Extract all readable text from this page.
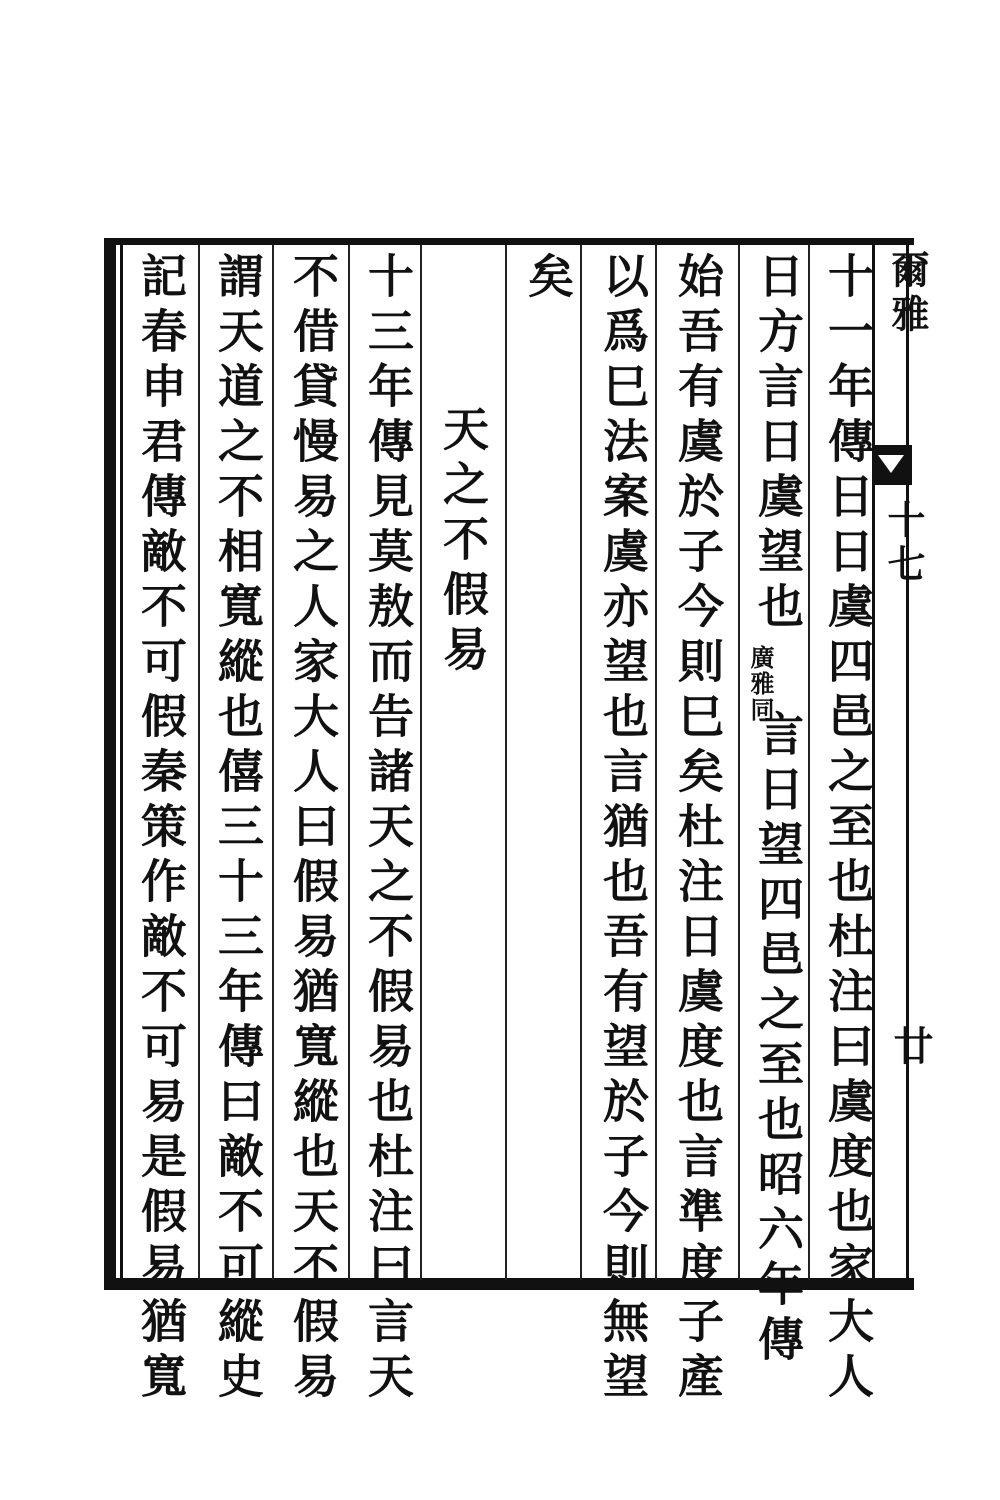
爾雅
十七
廿
十一年傳日日虞四邑之至也杜注曰虞度也家大人
日方言日虞望也
廣雅同
言日望四邑之至也昭六年傳
始吾有虞於子今則巳矣杜注日虞度也言準度子產
以爲巳法案虞亦望也言猶也吾有望於子今則無望
矣
天之不假易
十三年傳見莫敖而告諸天之不假易也杜注曰言天
不借貸慢易之人家大人曰假易猶寬縱也天不假易
謂天道之不相寬縱也僖三十三年傳曰敵不可縱史
記春申君傳敵不可假秦策作敵不可易是假易猶寬
